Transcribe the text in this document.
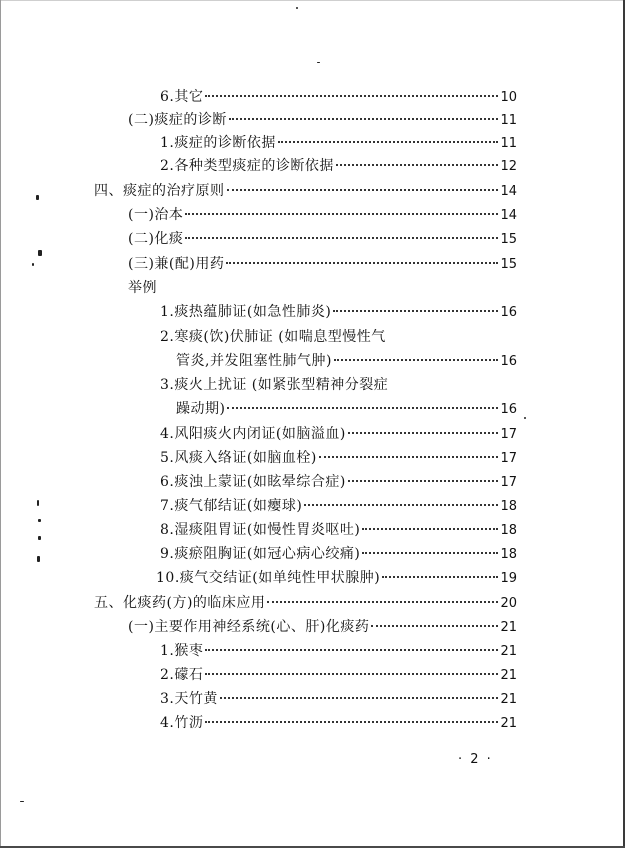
6.其它	10
(二)痰症的诊断	11
1.痰症的诊断依据	11
2.各种类型痰症的诊断依据	12
四、痰症的治疗原则	14
(一)治本	14
(二)化痰	15
(三)兼(配)用药	15
举例
1.痰热蕴肺证(如急性肺炎)	16
2.寒痰(饮)伏肺证 (如喘息型慢性气
管炎,并发阻塞性肺气肿)	16
3.痰火上扰证 (如紧张型精神分裂症
躁动期)	16
4.风阳痰火内闭证(如脑溢血)	17
5.风痰入络证(如脑血栓)	17
6.痰浊上蒙证(如眩晕综合症)	17
7.痰气郁结证(如瘿球)	18
8.湿痰阻胃证(如慢性胃炎呕吐)	18
9.痰瘀阻胸证(如冠心病心绞痛)	18
10.痰气交结证(如单纯性甲状腺肿)	19
五、化痰药(方)的临床应用	20
(一)主要作用神经系统(心、肝)化痰药	21
1.猴枣	21
2.礞石	21
3.天竹黄	21
4.竹沥	21
· 2 ·
